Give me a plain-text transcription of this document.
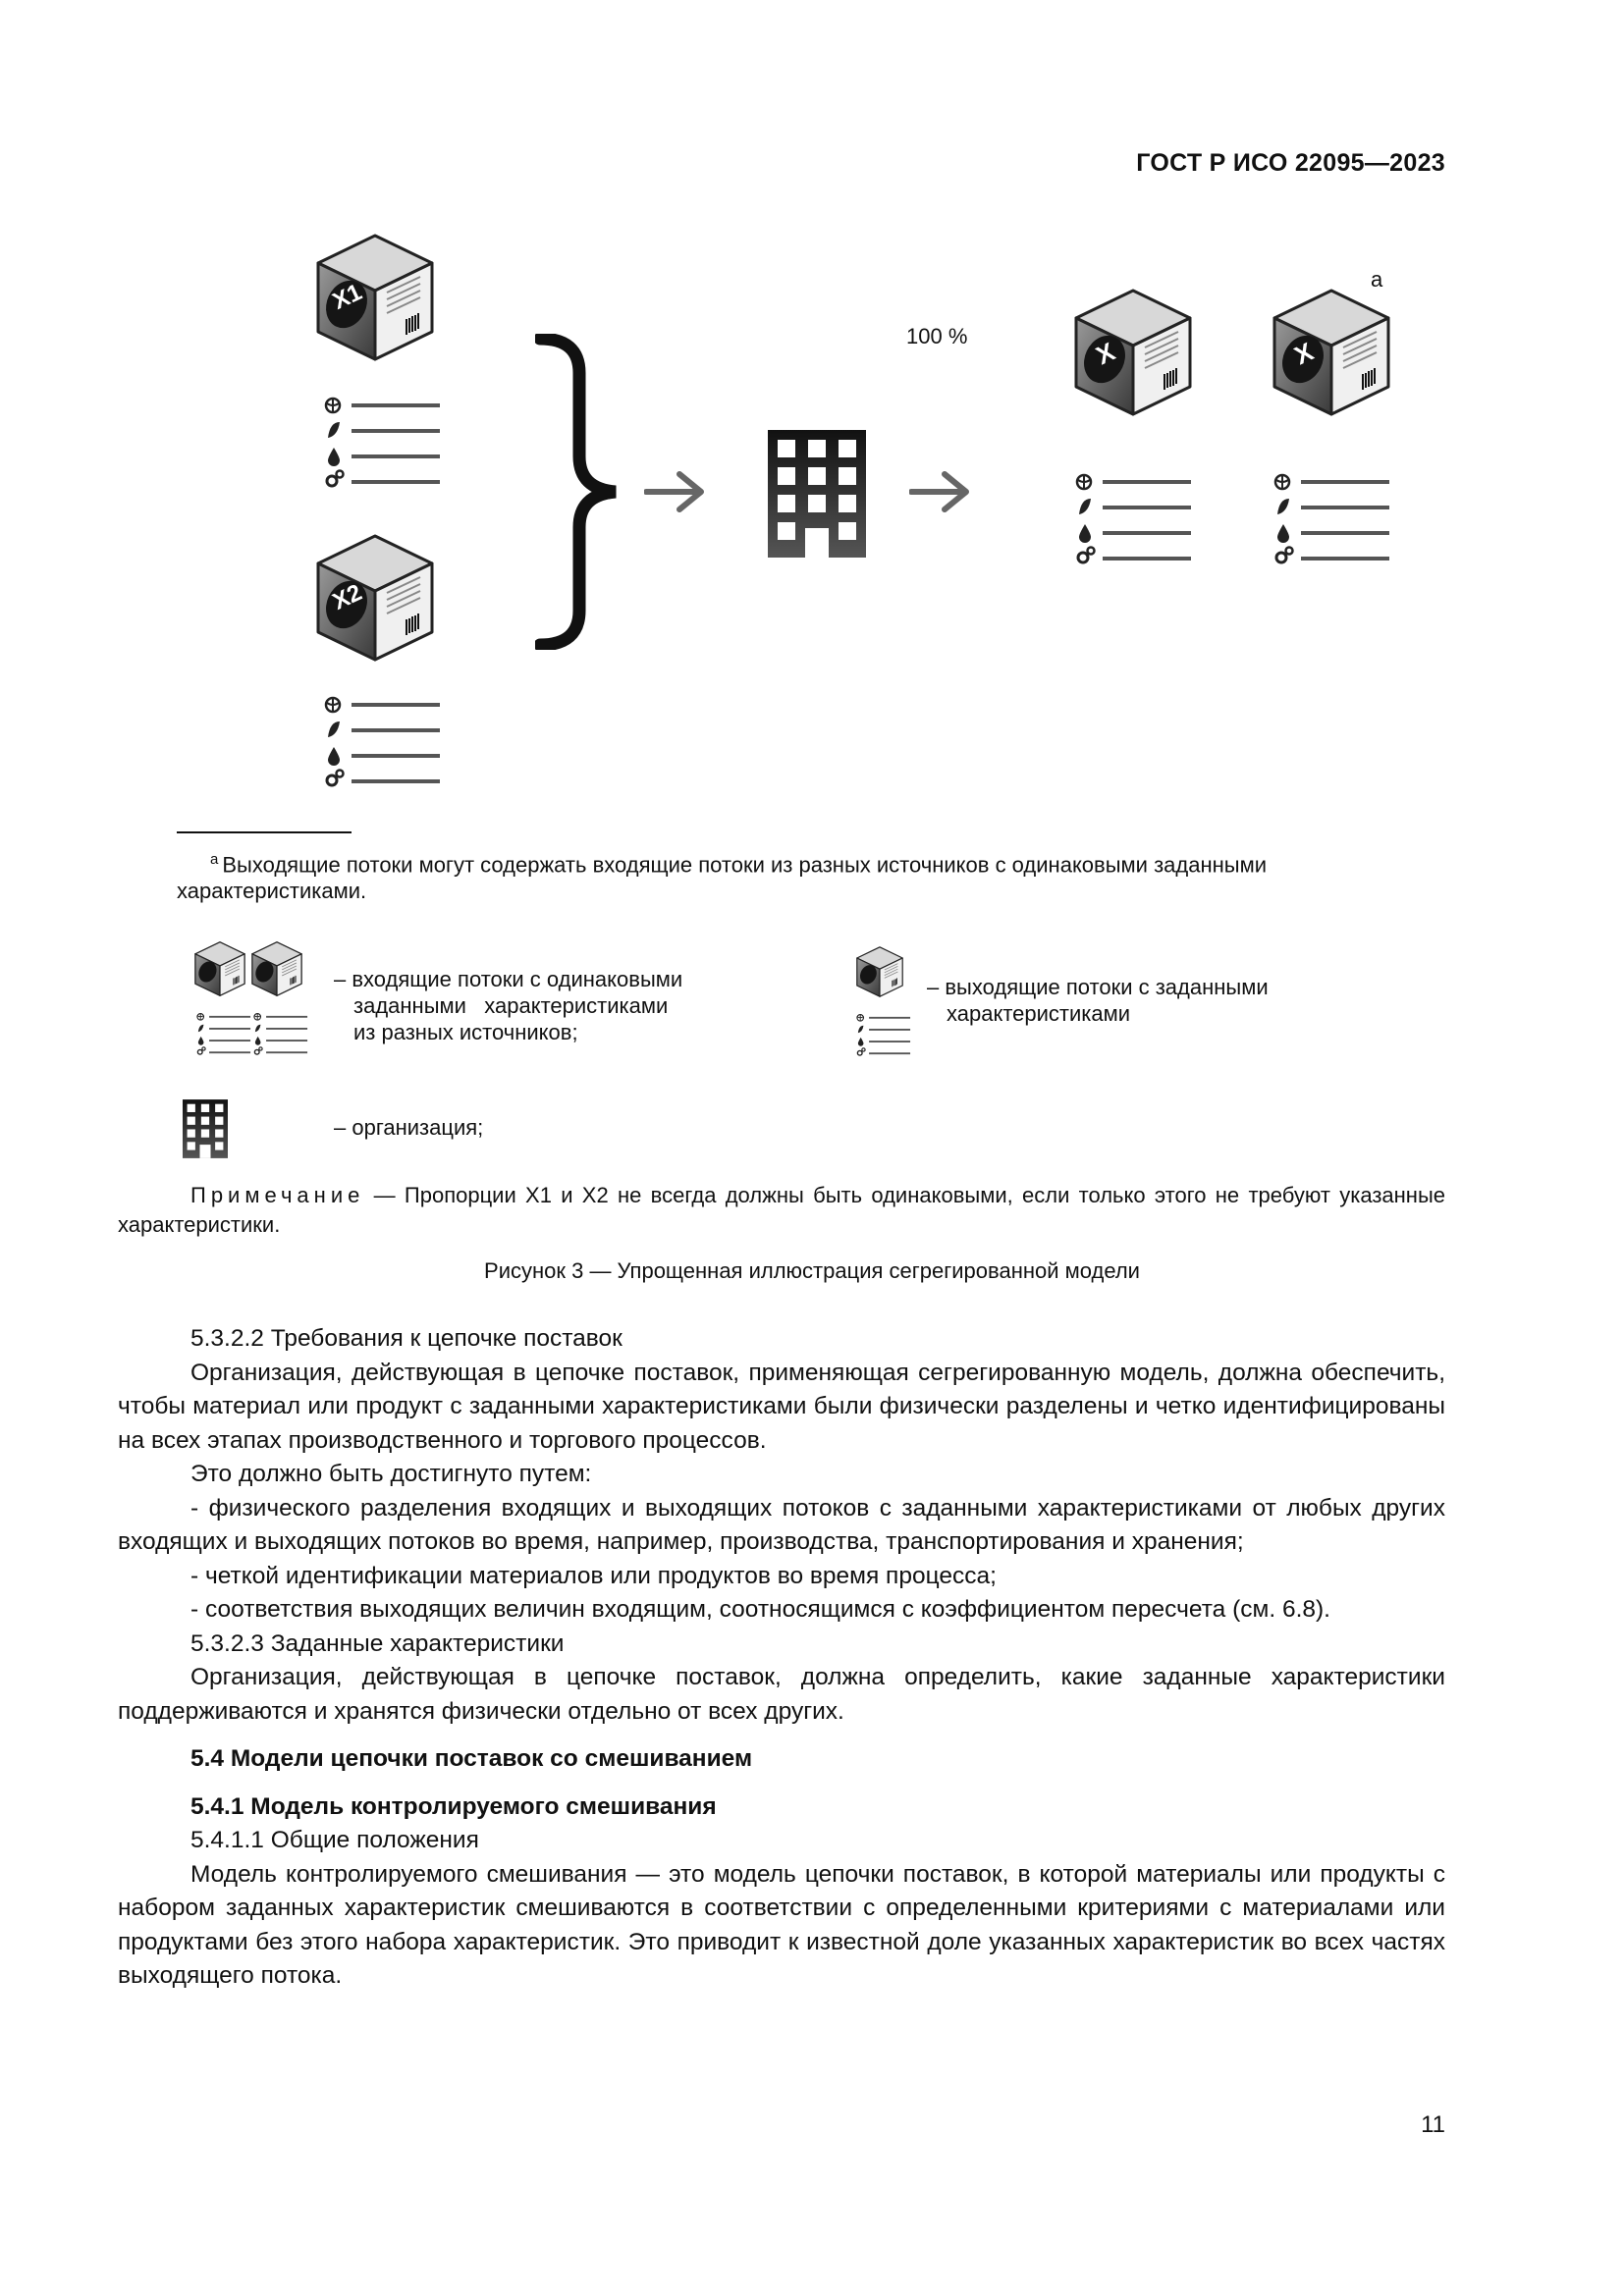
ГОСТ Р ИСО 22095—2023
X1
X2
100 %
a
X	X
$^a$ Выходящие потоки могут содержать входящие потоки из разных источников с одинаковыми заданными характеристиками.
– входящие потоки с одинаковыми
заданными   характеристиками
из разных источников;
– выходящие потоки с заданными
характеристиками
– организация;
Примечание — Пропорции X1 и X2 не всегда должны быть одинаковыми, если только этого не требуют указанные характеристики.
Рисунок 3 — Упрощенная иллюстрация сегрегированной модели

5.3.2.2 Требования к цепочке поставок

Организация, действующая в цепочке поставок, применяющая сегрегированную модель, должна обеспечить, чтобы материал или продукт с заданными характеристиками были физически разделены и четко идентифицированы на всех этапах производственного и торгового процессов.

Это должно быть достигнуто путем:

- физического разделения входящих и выходящих потоков с заданными характеристиками от любых других входящих и выходящих потоков во время, например, производства, транспортирования и хранения;

- четкой идентификации материалов или продуктов во время процесса;

- соответствия выходящих величин входящим, соотносящимся с коэффициентом пересчета (см. 6.8).

5.3.2.3 Заданные характеристики

Организация, действующая в цепочке поставок, должна определить, какие заданные характеристики поддерживаются и хранятся физически отдельно от всех других.

5.4 Модели цепочки поставок со смешиванием
5.4.1 Модель контролируемого смешивания

5.4.1.1 Общие положения

Модель контролируемого смешивания — это модель цепочки поставок, в которой материалы или продукты с набором заданных характеристик смешиваются в соответствии с определенными критериями с материалами или продуктами без этого набора характеристик. Это приводит к известной доле указанных характеристик во всех частях выходящего потока.

11
